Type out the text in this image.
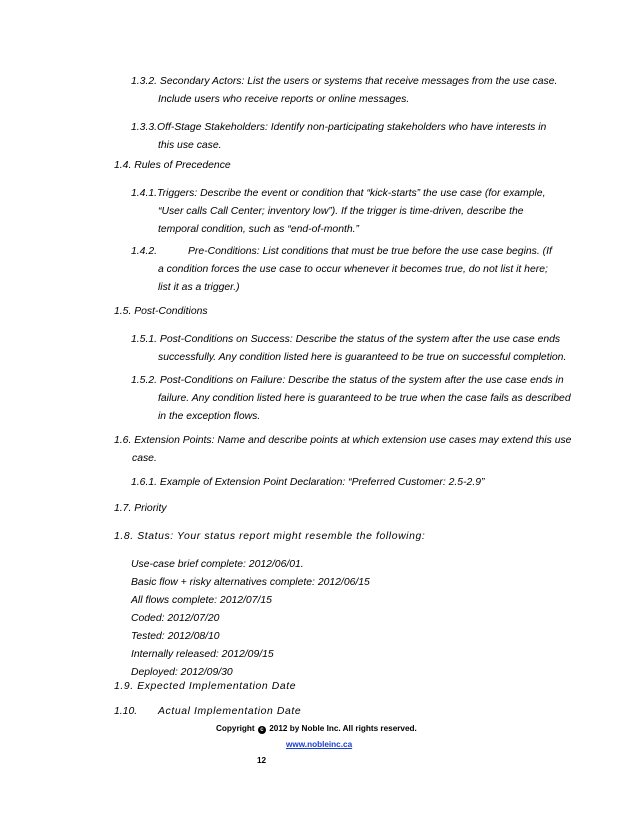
1.3.2. Secondary Actors: List the users or systems that receive messages from the use case.
Include users who receive reports or online messages.
1.3.3.Off-Stage Stakeholders: Identify non-participating stakeholders who have interests in
this use case.
1.4. Rules of Precedence
1.4.1.Triggers: Describe the event or condition that “kick-starts” the use case (for example,
“User calls Call Center; inventory low”). If the trigger is time-driven, describe the
temporal condition, such as “end-of-month.”
1.4.2.	Pre-Conditions: List conditions that must be true before the use case begins. (If
a condition forces the use case to occur whenever it becomes true, do not list it here;
list it as a trigger.)
1.5. Post-Conditions
1.5.1. Post-Conditions on Success: Describe the status of the system after the use case ends
successfully. Any condition listed here is guaranteed to be true on successful completion.
1.5.2. Post-Conditions on Failure: Describe the status of the system after the use case ends in
failure. Any condition listed here is guaranteed to be true when the case fails as described
in the exception flows.
1.6. Extension Points: Name and describe points at which extension use cases may extend this use
case.
1.6.1. Example of Extension Point Declaration: “Preferred Customer: 2.5-2.9”
1.7. Priority
1.8. Status: Your status report might resemble the following:
Use-case brief complete: 2012/06/01.
Basic flow + risky alternatives complete: 2012/06/15
All flows complete: 2012/07/15
Coded: 2012/07/20
Tested: 2012/08/10
Internally released: 2012/09/15
Deployed: 2012/09/30
1.9. Expected Implementation Date
1.10. Actual Implementation Date
Copyright c 2012 by Noble Inc. All rights reserved.
www.nobleinc.ca
12
